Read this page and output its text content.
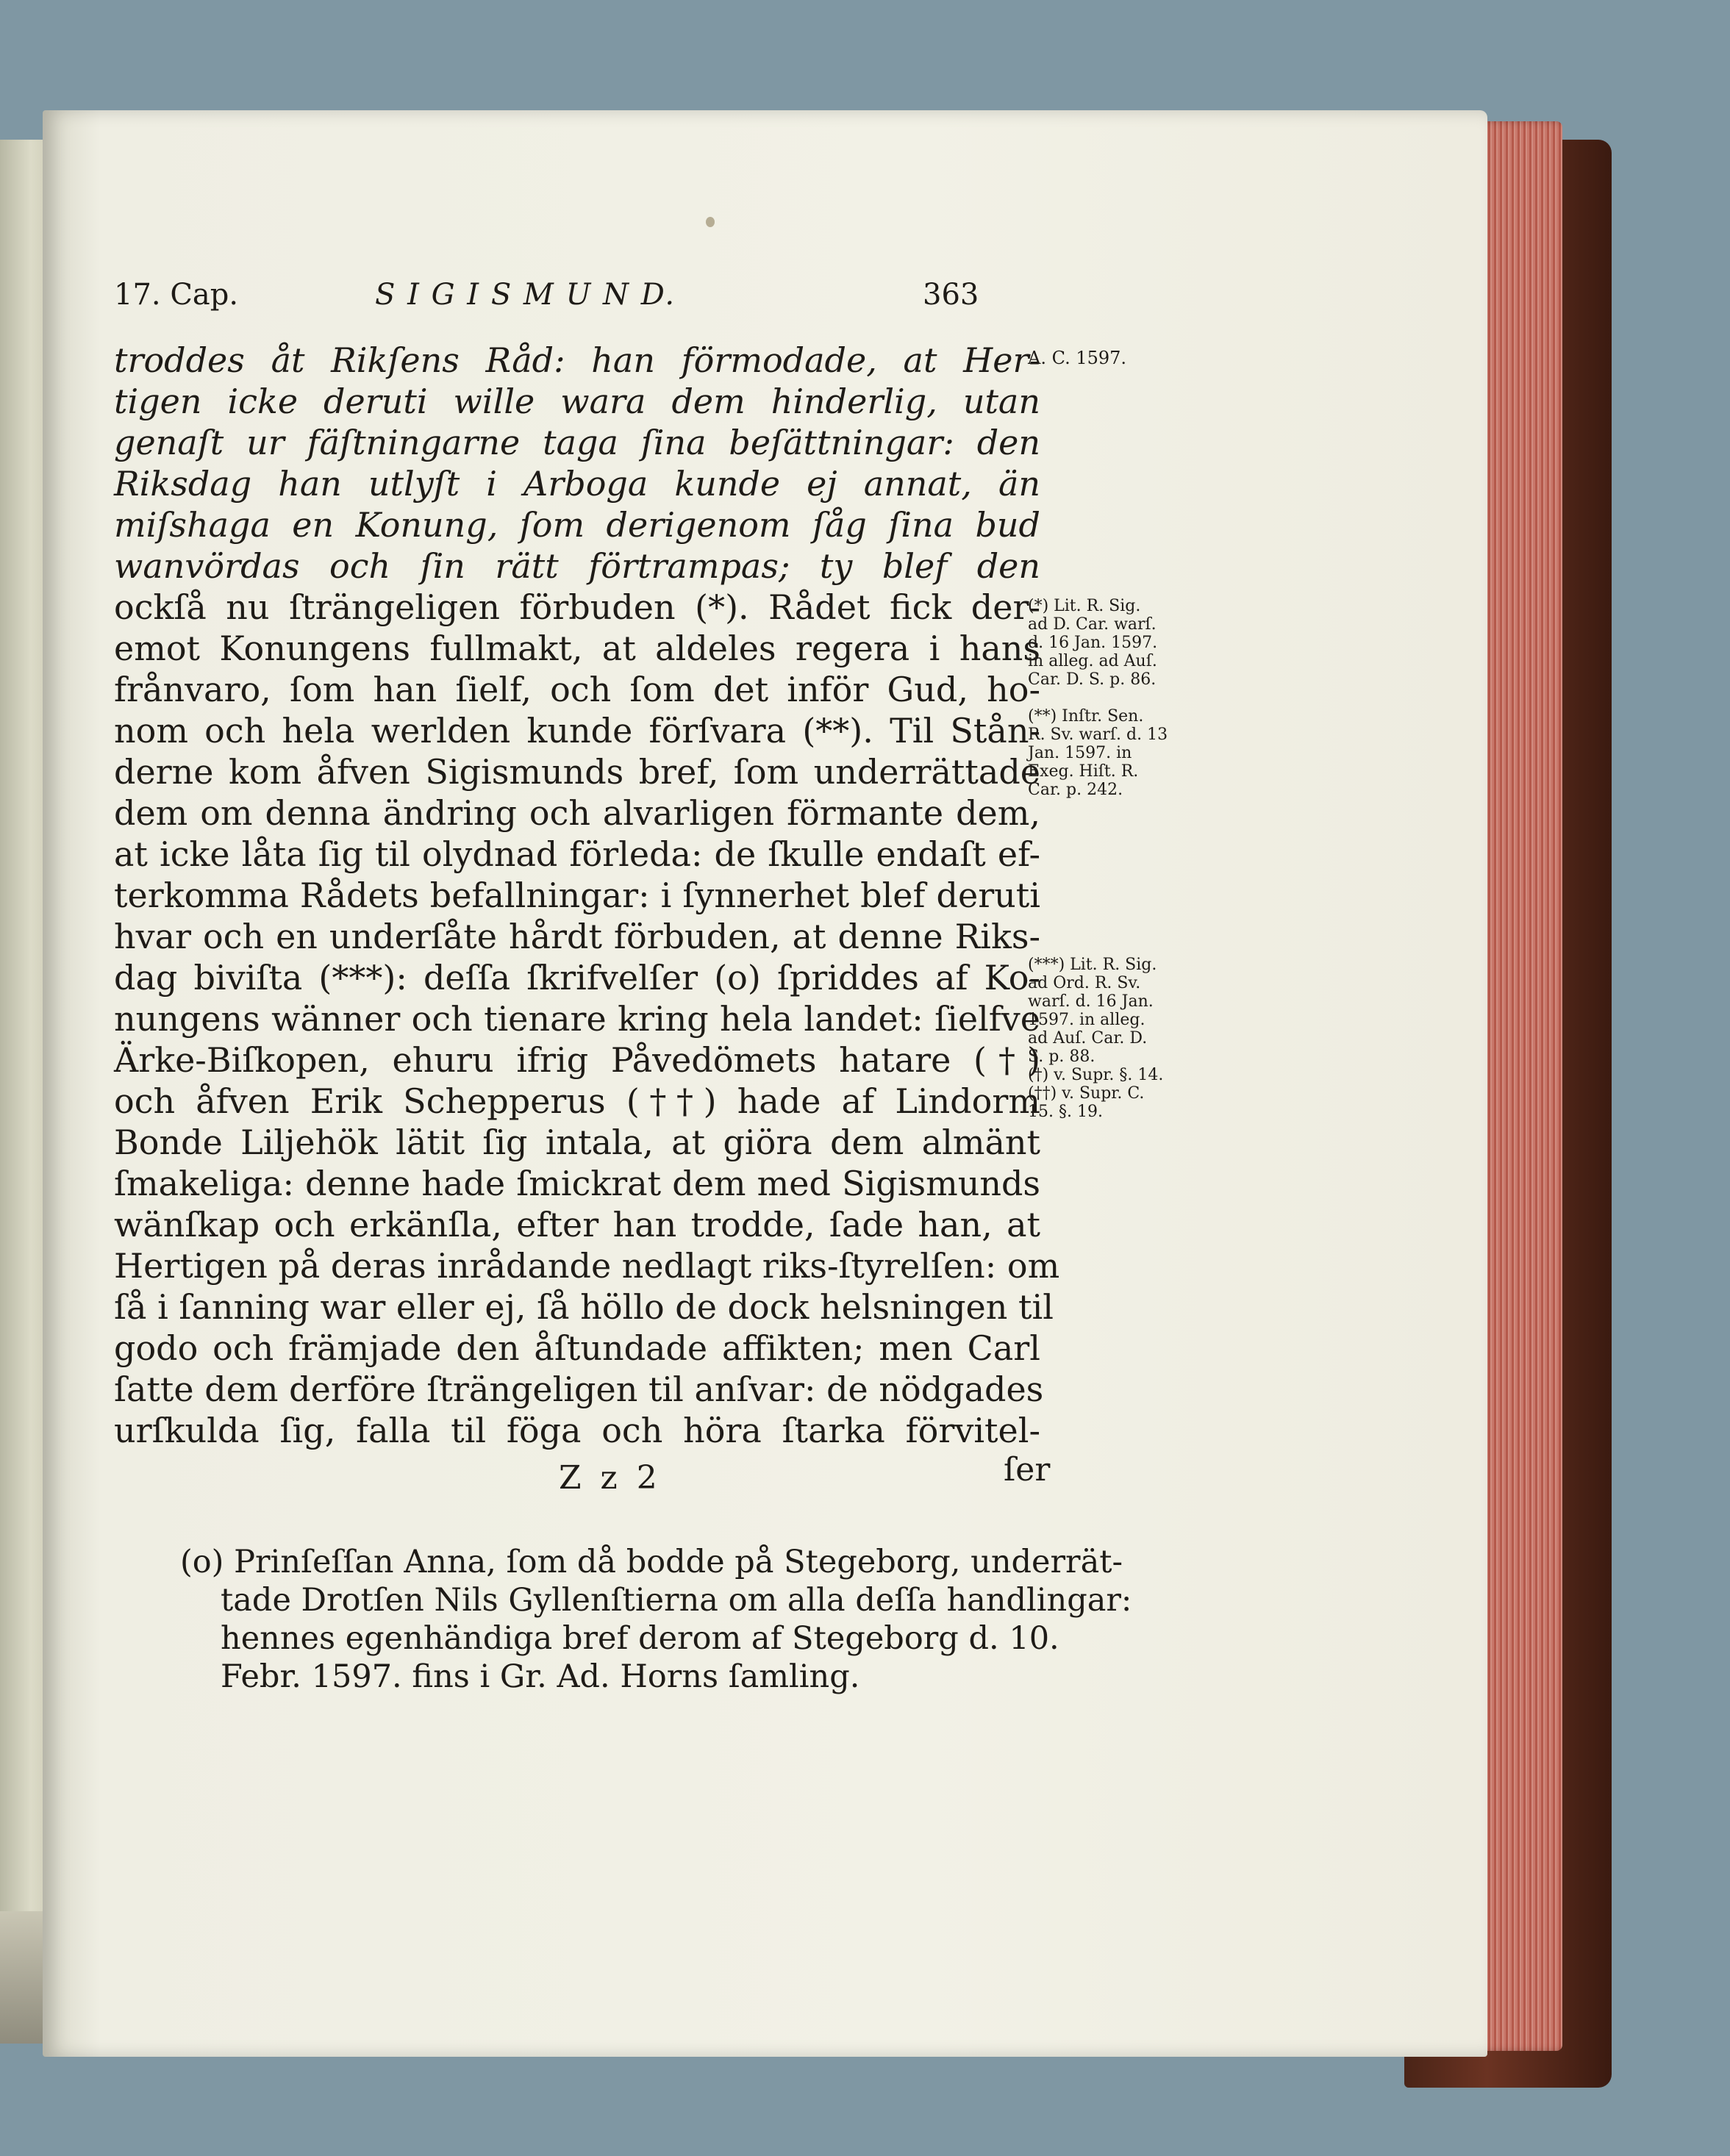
17. Cap.	S I G I S M U N D.	363
A. C. 1597.
troddes åt Rikſens Råd: han förmodade, at Her-
tigen icke deruti wille wara dem hinderlig, utan
genaſt ur fäſtningarne taga ſina beſättningar: den
Riksdag han utlyſt i Arboga kunde ej annat, än
miſshaga en Konung, ſom derigenom ſåg ſina bud
wanvördas och ſin rätt förtrampas; ty blef den
ockſå nu ſträngeligen förbuden (*). Rådet fick der-
emot Konungens fullmakt, at aldeles regera i hans
frånvaro, ſom han ſielf, och ſom det inför Gud, ho-
nom och hela werlden kunde förſvara (**). Til Stån-
derne kom åfven Sigismunds bref, ſom underrättade
dem om denna ändring och alvarligen förmante dem,
at icke låta ſig til olydnad förleda: de ſkulle endaſt ef-
terkomma Rådets befallningar: i ſynnerhet blef deruti
hvar och en underſåte hårdt förbuden, at denne Riks-
dag biviſta (***): deſſa ſkrifvelſer (o) ſpriddes af Ko-
nungens wänner och tienare kring hela landet: ſielfve
Ärke-Biſkopen, ehuru ifrig Påvedömets hatare (†)
och åfven Erik Schepperus (††) hade af Lindorm
Bonde Liljehök lätit ſig intala, at giöra dem almänt
ſmakeliga: denne hade ſmickrat dem med Sigismunds
wänſkap och erkänſla, efter han trodde, ſade han, at
Hertigen på deras inrådande nedlagt riks-ſtyrelſen: om
ſå i ſanning war eller ej, ſå höllo de dock helsningen til
godo och främjade den åſtundade affikten; men Carl
ſatte dem derföre ſträngeligen til anſvar: de nödgades
urſkulda ſig, falla til föga och höra ſtarka förvitel-
(*) Lit. R. Sig.
ad D. Car. warſ.
d. 16 Jan. 1597.
in alleg. ad Auſ.
Car. D. S. p. 86.
(**) Inſtr. Sen.
R. Sv. warſ. d. 13
Jan. 1597. in
Exeg. Hiſt. R.
Car. p. 242.
(***) Lit. R. Sig.
ad Ord. R. Sv.
warſ. d. 16 Jan.
1597. in alleg.
ad Auſ. Car. D.
S. p. 88.
(†) v. Supr. §. 14.
(††) v. Supr. C.
15. §. 19.
Z z 2	ſer
(o) Prinſeſſan Anna, ſom då bodde på Stegeborg, underrät-
tade Drotſen Nils Gyllenſtierna om alla deſſa handlingar:
hennes egenhändiga bref derom af Stegeborg d. 10.
Febr. 1597. fins i Gr. Ad. Horns ſamling.
